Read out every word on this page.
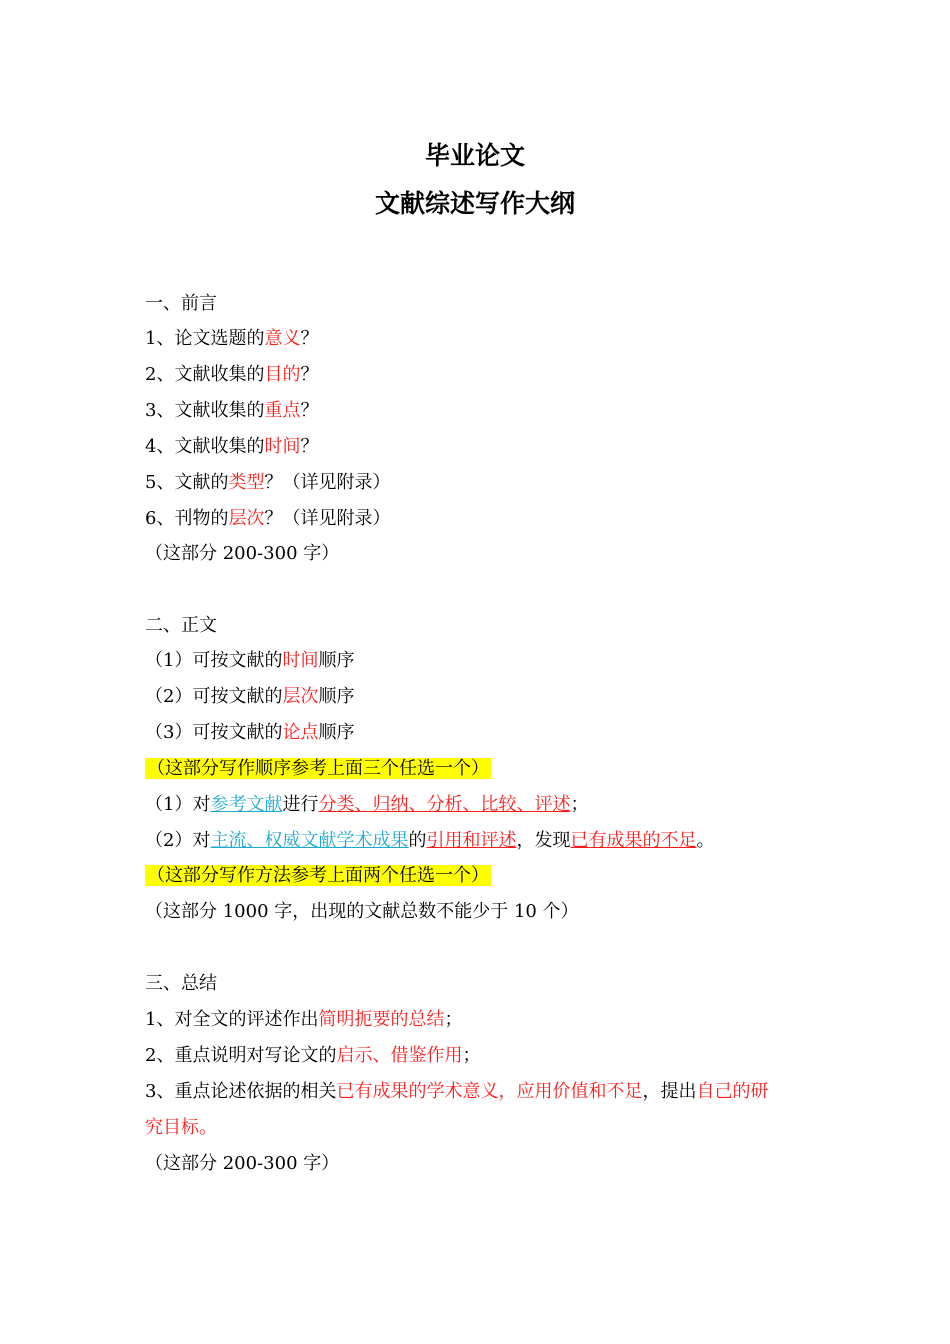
毕业论文
文献综述写作大纲
一、前言
1、论文选题的意义？
2、文献收集的目的？
3、文献收集的重点？
4、文献收集的时间？
5、文献的类型？（详见附录）
6、刊物的层次？（详见附录）
（这部分 200-300 字）
二、正文
（1）可按文献的时间顺序
（2）可按文献的层次顺序
（3）可按文献的论点顺序
（这部分写作顺序参考上面三个任选一个）
（1）对参考文献进行分类、归纳、分析、比较、评述；
（2）对主流、权威文献学术成果的引用和评述，发现已有成果的不足。
（这部分写作方法参考上面两个任选一个）
（这部分 1000 字，出现的文献总数不能少于 10 个）
三、总结
1、对全文的评述作出简明扼要的总结；
2、重点说明对写论文的启示、借鉴作用；
3、重点论述依据的相关已有成果的学术意义，应用价值和不足，提出自己的研
究目标。
（这部分 200-300 字）
